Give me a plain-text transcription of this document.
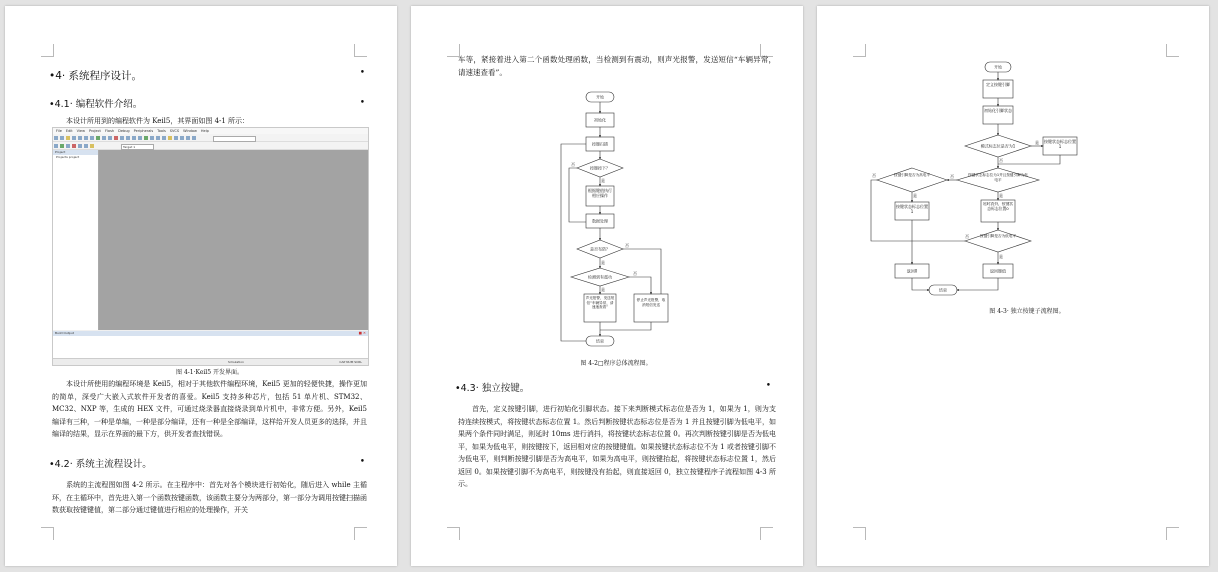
•4· 系统程序设计。	•
•4.1· 编程软件介绍。	•
本设计所用到的编程软件为 Keil5，其界面如图 4-1 所示：
File Edit View Project Flash Debug Peripherals Tools SVCS Window Help
Target 1
Project
Projects project
Build Output	■ ✕
Simulation	CAP NUM SCRL
图 4-1·Keil5 开发界面。
本设计所使用的编程环境是 Keil5，相对于其他软件编程环境，Keil5 更加的轻便快捷，操作更加的简单，深受广大嵌入式软件开发者的喜爱。Keil5 支持多种芯片，包括 51 单片机、STM32、MC32、NXP 等，生成的 HEX 文件，可通过烧录器直接烧录到单片机中，非常方便。另外，Keil5 编译有三种，一种是单编，一种是部分编译，还有一种是全部编译，这样给开发人员更多的选择，并且编译的结果，显示在界面的最下方，供开发者查找错误。
•4.2· 系统主流程设计。	•
系统的主流程图如图 4-2 所示。在主程序中：首先对各个模块进行初始化，随后进入 while 主循环，在主循环中，首先进入第一个函数按键函数，该函数主要分为两部分，第一部分为调用按键扫描函数获取按键键值，第二部分通过键值进行相应的处理操作，开关
车等，紧接着进入第二个函数处理函数，当检测到有震动，则声光报警，发送短信“车辆异常，请速速查看”。
开始
初始化
按键扫描
按键按下？
根据键值执行相应操作
数据处理
是否布防？
检测到有震动
声光报警，发送短信“车辆异常，请速速查看”
停止声光报警，取消短信发送
结束
是
否
是
否
是
否
图 4-2□程序总体流程图。
•4.3· 独立按键。	•
首先，定义按键引脚，进行初始化引脚状态。接下来判断模式标志位是否为 1，如果为 1，则为支持连续按模式，将按键状态标志位置 1。然后判断按键状态标志位是否为 1 并且按键引脚为低电平，如果两个条件同时满足，则延时 10ms 进行消抖，将按键状态标志位置 0。再次判断按键引脚是否为低电平，如果为低电平，则按键按下，返回相对应的按键键值。如果按键状态标志位不为 1 或者按键引脚不为低电平，则判断按键引脚是否为高电平，如果为高电平，则按键抬起，将按键状态标志位置 1，然后返回 0。如果按键引脚不为高电平，则按键没有抬起，则直接返回 0，独立按键程序子流程如图 4-3 所示。
开始
定义按键引脚
初始化引脚状态
模式标志位是否为1
按键状态标志位置1
按键状态标志位为1并且按键引脚为低电平
按键引脚是否为高电平
按键状态标志位置1
延时消抖，按键状态标志位置0
按键引脚是否为低电平
返回0	返回键值
结束
是
否
是
否
是
否
是
否
图 4-3· 独立按键子流程图。
